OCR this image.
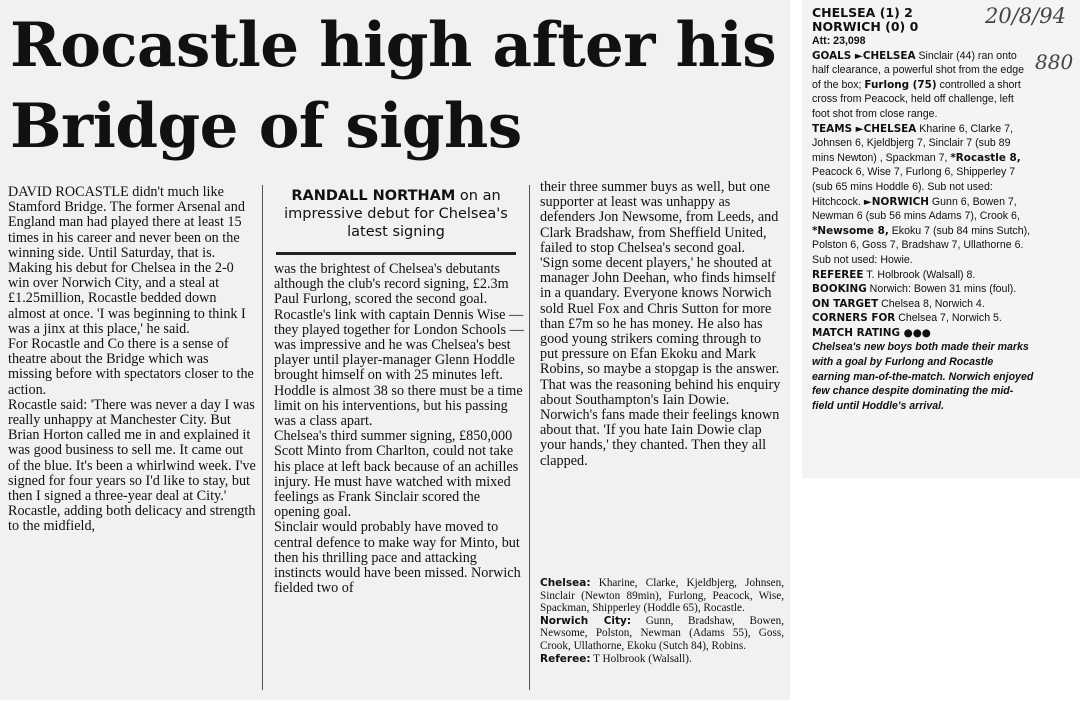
Rocastle high after his Bridge of sighs

DAVID ROCASTLE didn't much like Stamford Bridge. The former Arsenal and England man had played there at least 15 times in his career and never been on the winning side. Until Saturday, that is.

Making his debut for Chelsea in the 2-0 win over Norwich City, and a steal at £1.25million, Rocastle bedded down almost at once. 'I was beginning to think I was a jinx at this place,' he said.

For Rocastle and Co there is a sense of theatre about the Bridge which was missing before with spectators closer to the action.

Rocastle said: 'There was never a day I was really unhappy at Manchester City. But Brian Horton called me in and explained it was good business to sell me. It came out of the blue. It's been a whirlwind week. I've signed for four years so I'd like to stay, but then I signed a three-year deal at City.'

Rocastle, adding both delicacy and strength to the midfield,

RANDALL NORTHAM on an impressive debut for Chelsea's latest signing

was the brightest of Chelsea's debutants although the club's record signing, £2.3m Paul Furlong, scored the second goal. Rocastle's link with captain Dennis Wise — they played together for London Schools — was impressive and he was Chelsea's best player until player-manager Glenn Hoddle brought himself on with 25 minutes left. Hoddle is almost 38 so there must be a time limit on his interventions, but his passing was a class apart.

Chelsea's third summer signing, £850,000 Scott Minto from Charlton, could not take his place at left back because of an achilles injury. He must have watched with mixed feelings as Frank Sinclair scored the opening goal.

Sinclair would probably have moved to central defence to make way for Minto, but then his thrilling pace and attacking instincts would have been missed. Norwich fielded two of

their three summer buys as well, but one supporter at least was unhappy as defenders Jon Newsome, from Leeds, and Clark Bradshaw, from Sheffield United, failed to stop Chelsea's second goal.

'Sign some decent players,' he shouted at manager John Deehan, who finds himself in a quandary. Everyone knows Norwich sold Ruel Fox and Chris Sutton for more than £7m so he has money. He also has good young strikers coming through to put pressure on Efan Ekoku and Mark Robins, so maybe a stopgap is the answer. That was the reasoning behind his enquiry about Southampton's Iain Dowie.

Norwich's fans made their feelings known about that. 'If you hate Iain Dowie clap your hands,' they chanted. Then they all clapped.

Chelsea: Kharine, Clarke, Kjeldbjerg, Johnsen, Sinclair (Newton 89min), Furlong, Peacock, Wise, Spackman, Shipperley (Hoddle 65), Rocastle.

Norwich City: Gunn, Bradshaw, Bowen, Newsome, Polston, Newman (Adams 55), Goss, Crook, Ullathorne, Ekoku (Sutch 84), Robins.

Referee: T Holbrook (Walsall).

CHELSEA (1) 2

NORWICH (0) 0

Att: 23,098

GOALS ►CHELSEA Sinclair (44) ran onto half clearance, a powerful shot from the edge of the box; Furlong (75) controlled a short cross from Peacock, held off challenge, left foot shot from close range.

TEAMS ►CHELSEA Kharine 6, Clarke 7, Johnsen 6, Kjeldbjerg 7, Sinclair 7 (sub 89 mins Newton) , Spackman 7, *Rocastle 8, Peacock 6, Wise 7, Furlong 6, Shipperley 7 (sub 65 mins Hoddle 6). Sub not used: Hitchcock. ►NORWICH Gunn 6, Bowen 7, Newman 6 (sub 56 mins Adams 7), Crook 6, *Newsome 8, Ekoku 7 (sub 84 mins Sutch), Polston 6, Goss 7, Bradshaw 7, Ullathorne 6. Sub not used: Howie.

REFEREE T. Holbrook (Walsall) 8.

BOOKING Norwich: Bowen 31 mins (foul).

ON TARGET Chelsea 8, Norwich 4.

CORNERS FOR Chelsea 7, Norwich 5.

MATCH RATING ●●●

Chelsea's new boys both made their marks with a goal by Furlong and Rocastle earning man-of-the-match. Norwich enjoyed few chance despite dominating the mid-field until Hoddle's arrival.

20/8/94
880
